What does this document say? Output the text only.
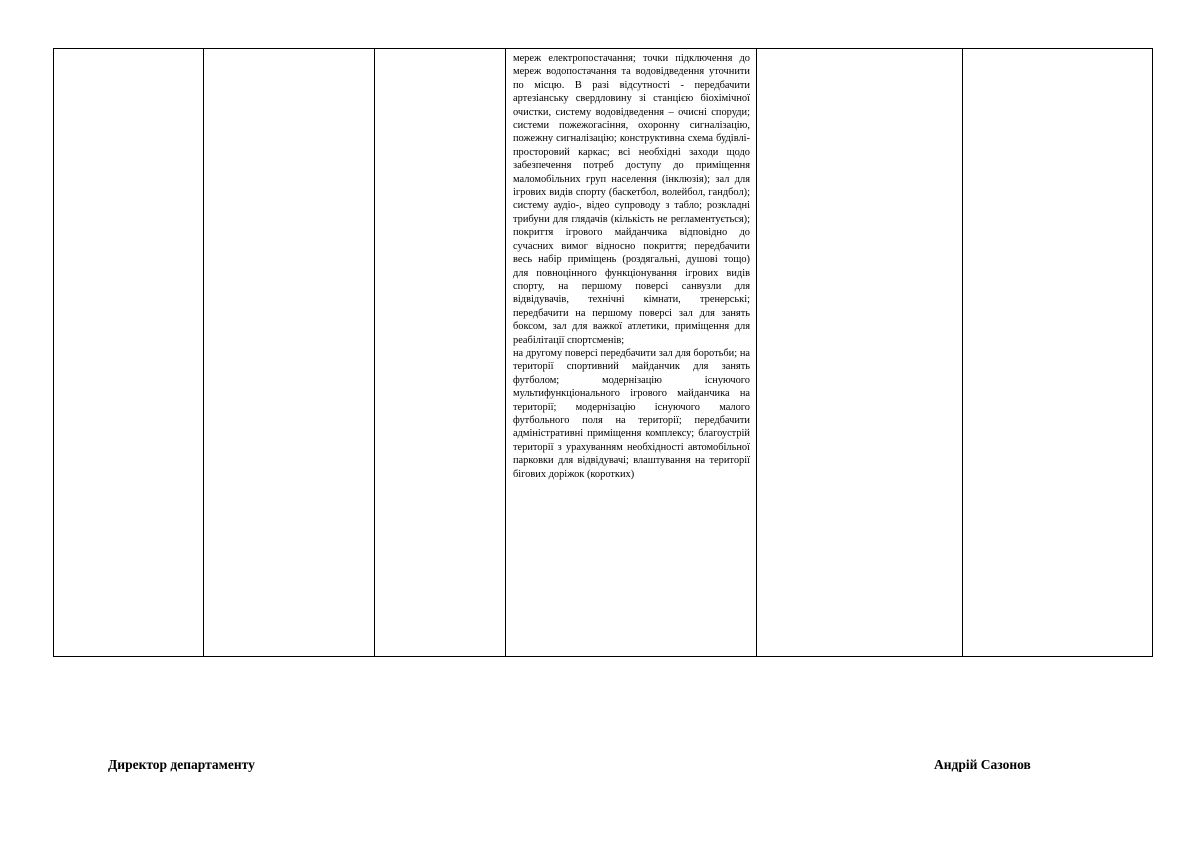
мереж електропостачання; точки підключення до мереж водопостачання та водовідведення уточнити по місцю. В разі відсутності - передбачити артезіанську свердловину зі станцією біохімічної очистки, систему водовідведення – очисні споруди; системи пожежогасіння, охоронну сигналізацію, пожежну сигналізацію; конструктивна схема будівлі-просторовий каркас; всі необхідні заходи щодо забезпечення потреб доступу до приміщення маломобільних груп населення (інклюзія); зал для ігрових видів спорту (баскетбол, волейбол, гандбол); систему аудіо-, відео супроводу з табло; розкладні трибуни для глядачів (кількість не регламентується); покриття ігрового майданчика відповідно до сучасних вимог відносно покриття; передбачити весь набір приміщень (роздягальні, душові тощо) для повноцінного функціонування ігрових видів спорту, на першому поверсі санвузли для відвідувачів, технічні кімнати, тренерські; передбачити на першому поверсі зал для занять боксом, зал для важкої атлетики, приміщення для реабілітації спортсменів;

на другому поверсі передбачити зал для боротьби; на території спортивний майданчик для занять футболом; модернізацію існуючого мультифункціонального ігрового майданчика на території; модернізацію існуючого малого футбольного поля на території; передбачити адміністративні приміщення комплексу; благоустрій території з урахуванням необхідності автомобільної парковки для відвідувачі; влаштування на території бігових доріжок (коротких)

Директор департаменту	Андрій Сазонов
